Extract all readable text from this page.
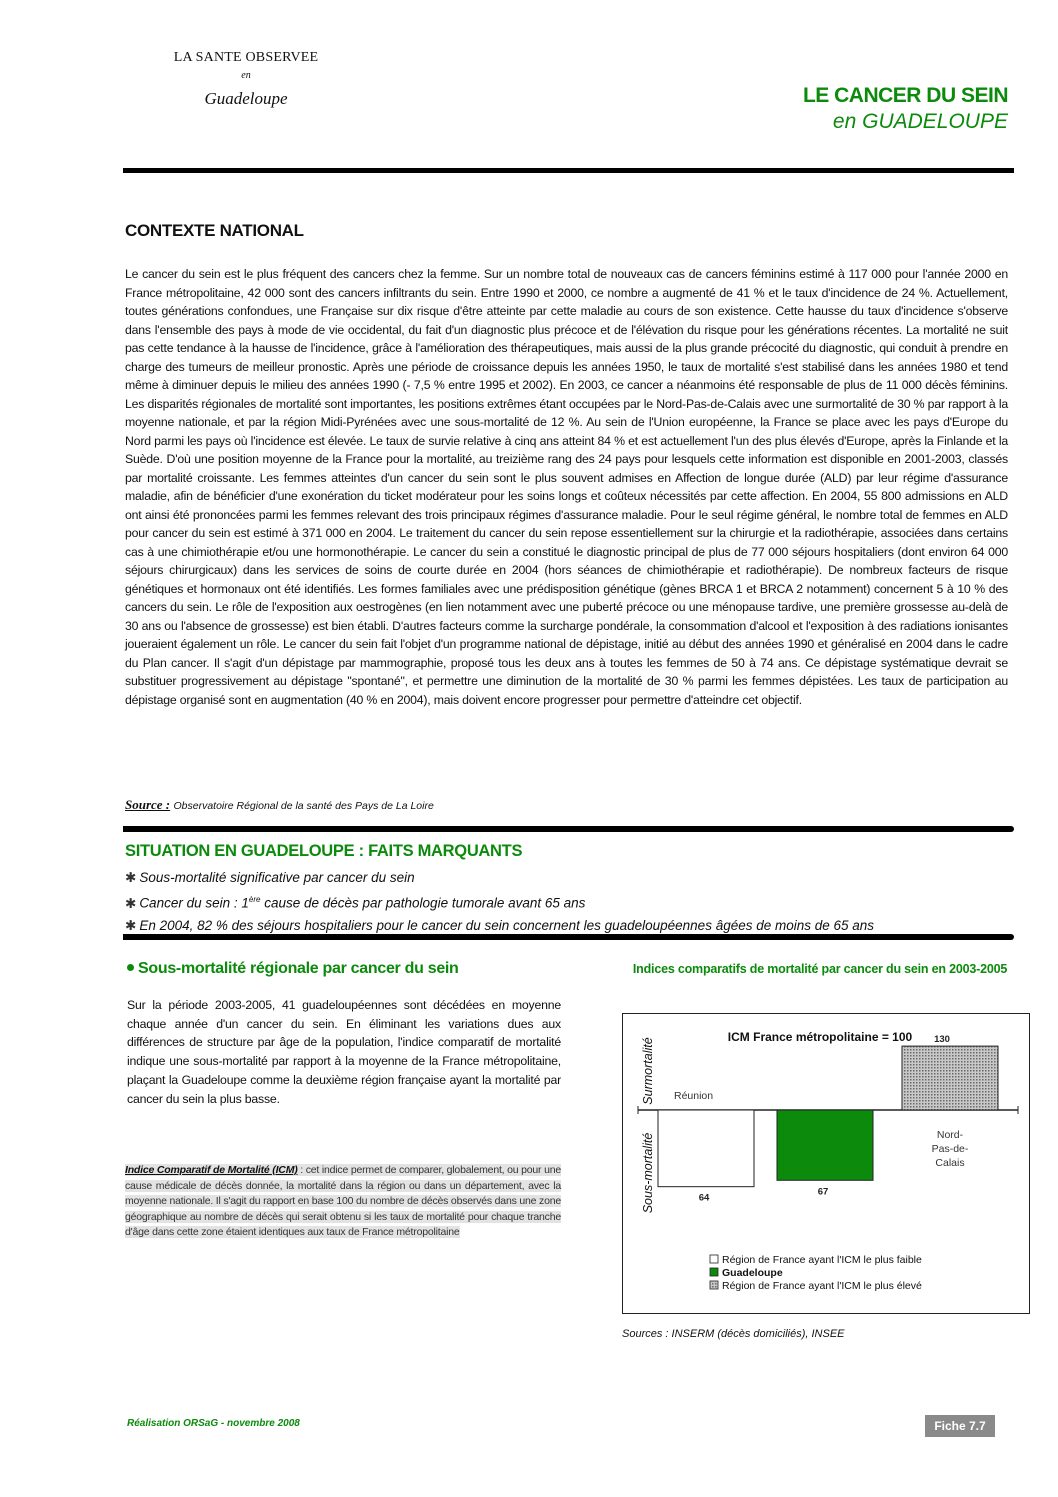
LA SANTE OBSERVEE
en
Guadeloupe	LE CANCER DU SEIN
en GUADELOUPE
CONTEXTE NATIONAL
Le cancer du sein est le plus fréquent des cancers chez la femme. Sur un nombre total de nouveaux cas de cancers féminins estimé à 117 000 pour l'année 2000 en France métropolitaine, 42 000 sont des cancers infiltrants du sein. Entre 1990 et 2000, ce nombre a augmenté de 41 % et le taux d'incidence de 24 %. Actuellement, toutes générations confondues, une Française sur dix risque d'être atteinte par cette maladie au cours de son existence. Cette hausse du taux d'incidence s'observe dans l'ensemble des pays à mode de vie occidental, du fait d'un diagnostic plus précoce et de l'élévation du risque pour les générations récentes. La mortalité ne suit pas cette tendance à la hausse de l'incidence, grâce à l'amélioration des thérapeutiques, mais aussi de la plus grande précocité du diagnostic, qui conduit à prendre en charge des tumeurs de meilleur pronostic. Après une période de croissance depuis les années 1950, le taux de mortalité s'est stabilisé dans les années 1980 et tend même à diminuer depuis le milieu des années 1990 (- 7,5 % entre 1995 et 2002). En 2003, ce cancer a néanmoins été responsable de plus de 11 000 décès féminins. Les disparités régionales de mortalité sont importantes, les positions extrêmes étant occupées par le Nord-Pas-de-Calais avec une surmortalité de 30 % par rapport à la moyenne nationale, et par la région Midi-Pyrénées avec une sous-mortalité de 12 %. Au sein de l'Union européenne, la France se place avec les pays d'Europe du Nord parmi les pays où l'incidence est élevée. Le taux de survie relative à cinq ans atteint 84 % et est actuellement l'un des plus élevés d'Europe, après la Finlande et la Suède. D'où une position moyenne de la France pour la mortalité, au treizième rang des 24 pays pour lesquels cette information est disponible en 2001-2003, classés par mortalité croissante. Les femmes atteintes d'un cancer du sein sont le plus souvent admises en Affection de longue durée (ALD) par leur régime d'assurance maladie, afin de bénéficier d'une exonération du ticket modérateur pour les soins longs et coûteux nécessités par cette affection. En 2004, 55 800 admissions en ALD ont ainsi été prononcées parmi les femmes relevant des trois principaux régimes d'assurance maladie. Pour le seul régime général, le nombre total de femmes en ALD pour cancer du sein est estimé à 371 000 en 2004. Le traitement du cancer du sein repose essentiellement sur la chirurgie et la radiothérapie, associées dans certains cas à une chimiothérapie et/ou une hormonothérapie. Le cancer du sein a constitué le diagnostic principal de plus de 77 000 séjours hospitaliers (dont environ 64 000 séjours chirurgicaux) dans les services de soins de courte durée en 2004 (hors séances de chimiothérapie et radiothérapie). De nombreux facteurs de risque génétiques et hormonaux ont été identifiés. Les formes familiales avec une prédisposition génétique (gènes BRCA 1 et BRCA 2 notamment) concernent 5 à 10 % des cancers du sein. Le rôle de l'exposition aux oestrogènes (en lien notamment avec une puberté précoce ou une ménopause tardive, une première grossesse au-delà de 30 ans ou l'absence de grossesse) est bien établi. D'autres facteurs comme la surcharge pondérale, la consommation d'alcool et l'exposition à des radiations ionisantes joueraient également un rôle. Le cancer du sein fait l'objet d'un programme national de dépistage, initié au début des années 1990 et généralisé en 2004 dans le cadre du Plan cancer. Il s'agit d'un dépistage par mammographie, proposé tous les deux ans à toutes les femmes de 50 à 74 ans. Ce dépistage systématique devrait se substituer progressivement au dépistage "spontané", et permettre une diminution de la mortalité de 30 % parmi les femmes dépistées. Les taux de participation au dépistage organisé sont en augmentation (40 % en 2004), mais doivent encore progresser pour permettre d'atteindre cet objectif.
Source : Observatoire Régional de la santé des Pays de La Loire
SITUATION EN GUADELOUPE : FAITS MARQUANTS
✱ Sous-mortalité significative par cancer du sein
✱ Cancer du sein : 1ère cause de décès par pathologie tumorale avant 65 ans
✱ En 2004, 82 % des séjours hospitaliers pour le cancer du sein concernent les guadeloupéennes âgées de moins de 65 ans
Sous-mortalité régionale par cancer du sein
Sur la période 2003-2005, 41 guadeloupéennes sont décédées en moyenne chaque année d'un cancer du sein. En éliminant les variations dues aux différences de structure par âge de la population, l'indice comparatif de mortalité indique une sous-mortalité par rapport à la moyenne de la France métropolitaine, plaçant la Guadeloupe comme la deuxième région française ayant la mortalité par cancer du sein la plus basse.
Indice Comparatif de Mortalité (ICM) : cet indice permet de comparer, globalement, ou pour une cause médicale de décès donnée, la mortalité dans la région ou dans un département, avec la moyenne nationale. Il s'agit du rapport en base 100 du nombre de décès observés dans une zone géographique au nombre de décès qui serait obtenu si les taux de mortalité pour chaque tranche d'âge dans cette zone étaient identiques aux taux de France métropolitaine
Indices comparatifs de mortalité par cancer du sein en 2003-2005
64
67
130
Réunion
Nord-
Pas-de-
Calais
ICM France métropolitaine = 100
Surmortalité
Sous-mortalité
Région de France ayant l'ICM le plus faible
Guadeloupe
Région de France ayant l'ICM le plus élevé
Sources : INSERM (décès domiciliés), INSEE
Réalisation ORSaG - novembre 2008	Fiche 7.7
